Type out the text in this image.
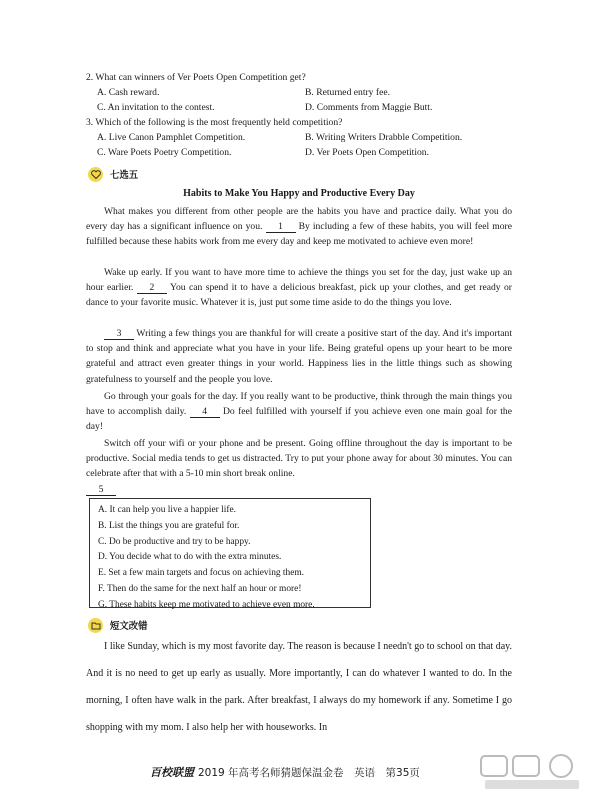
2. What can winners of Ver Poets Open Competition get?
A. Cash reward.	B. Returned entry fee.
C. An invitation to the contest.	D. Comments from Maggie Butt.
3. Which of the following is the most frequently held competition?
A. Live Canon Pamphlet Competition.	B. Writing Writers Drabble Competition.
C. Ware Poets Poetry Competition.	D. Ver Poets Open Competition.
七选五
Habits to Make You Happy and Productive Every Day
What makes you different from other people are the habits you have and practice daily. What you do every day has a significant influence on you. 1 By including a few of these habits, you will feel more fulfilled because these habits work from me every day and keep me motivated to achieve even more!
Wake up early. If you want to have more time to achieve the things you set for the day, just wake up an hour earlier. 2 You can spend it to have a delicious breakfast, pick up your clothes, and get ready or dance to your favorite music. Whatever it is, just put some time aside to do the things you love.
3 Writing a few things you are thankful for will create a positive start of the day. And it's important to stop and think and appreciate what you have in your life. Being grateful opens up your heart to be more grateful and attract even greater things in your world. Happiness lies in the little things such as showing gratefulness to yourself and the people you love.
Go through your goals for the day. If you really want to be productive, think through the main things you have to accomplish daily. 4 Do feel fulfilled with yourself if you achieve even one main goal for the day!
Switch off your wifi or your phone and be present. Going offline throughout the day is important to be productive. Social media tends to get us distracted. Try to put your phone away for about 30 minutes. You can celebrate after that with a 5-10 min short break online.
5
A. It can help you live a happier life.
B. List the things you are grateful for.
C. Do be productive and try to be happy.
D. You decide what to do with the extra minutes.
E. Set a few main targets and focus on achieving them.
F. Then do the same for the next half an hour or more!
G. These habits keep me motivated to achieve even more.
短文改错
I like Sunday, which is my most favorite day. The reason is because I needn't go to school on that day. And it is no need to get up early as usually. More importantly, I can do whatever I wanted to do. In the morning, I often have walk in the park. After breakfast, I always do my homework if any. Sometime I go shopping with my mom. I also help her with houseworks. In
百校联盟 2019 年高考名师猜题保温金卷　英语　第35页
